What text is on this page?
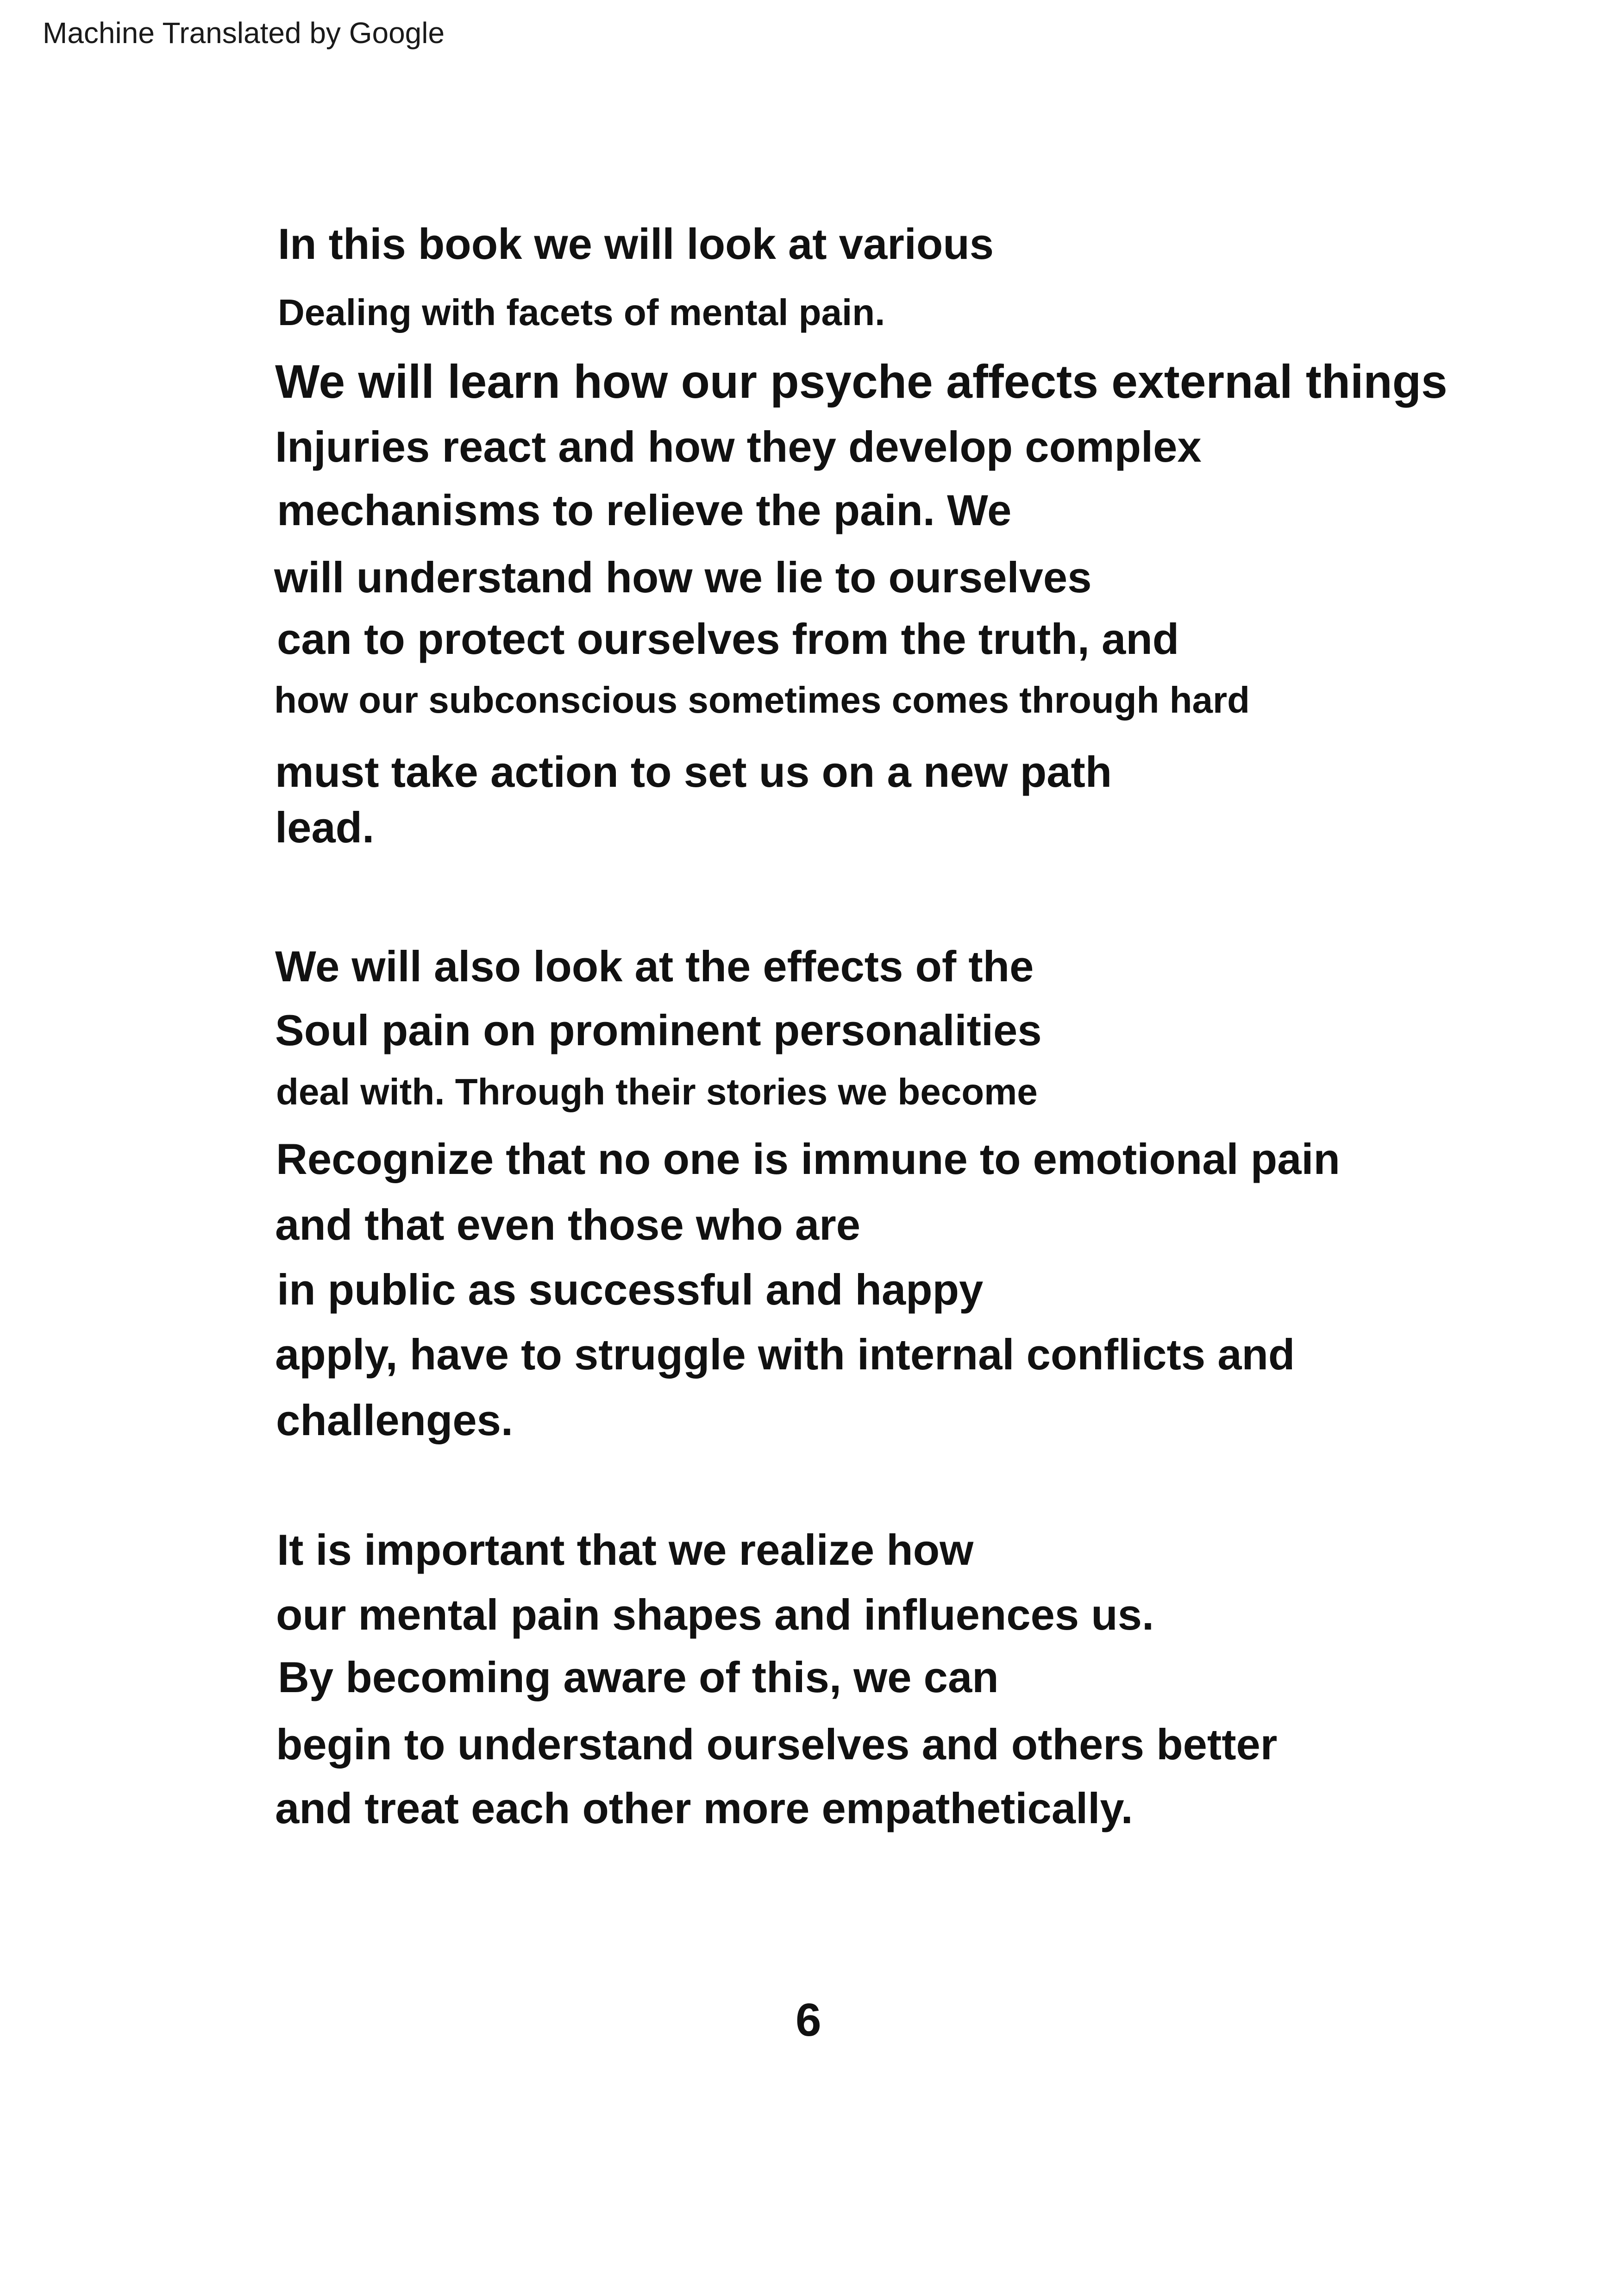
Machine Translated by Google
In this book we will look at various
Dealing with facets of mental pain.
We will learn how our psyche affects external things
Injuries react and how they develop complex
mechanisms to relieve the pain. We
will understand how we lie to ourselves
can to protect ourselves from the truth, and
how our subconscious sometimes comes through hard
must take action to set us on a new path
lead.
We will also look at the effects of the
Soul pain on prominent personalities
deal with. Through their stories we become
Recognize that no one is immune to emotional pain
and that even those who are
in public as successful and happy
apply, have to struggle with internal conflicts and
challenges.
It is important that we realize how
our mental pain shapes and influences us.
By becoming aware of this, we can
begin to understand ourselves and others better
and treat each other more empathetically.
6
